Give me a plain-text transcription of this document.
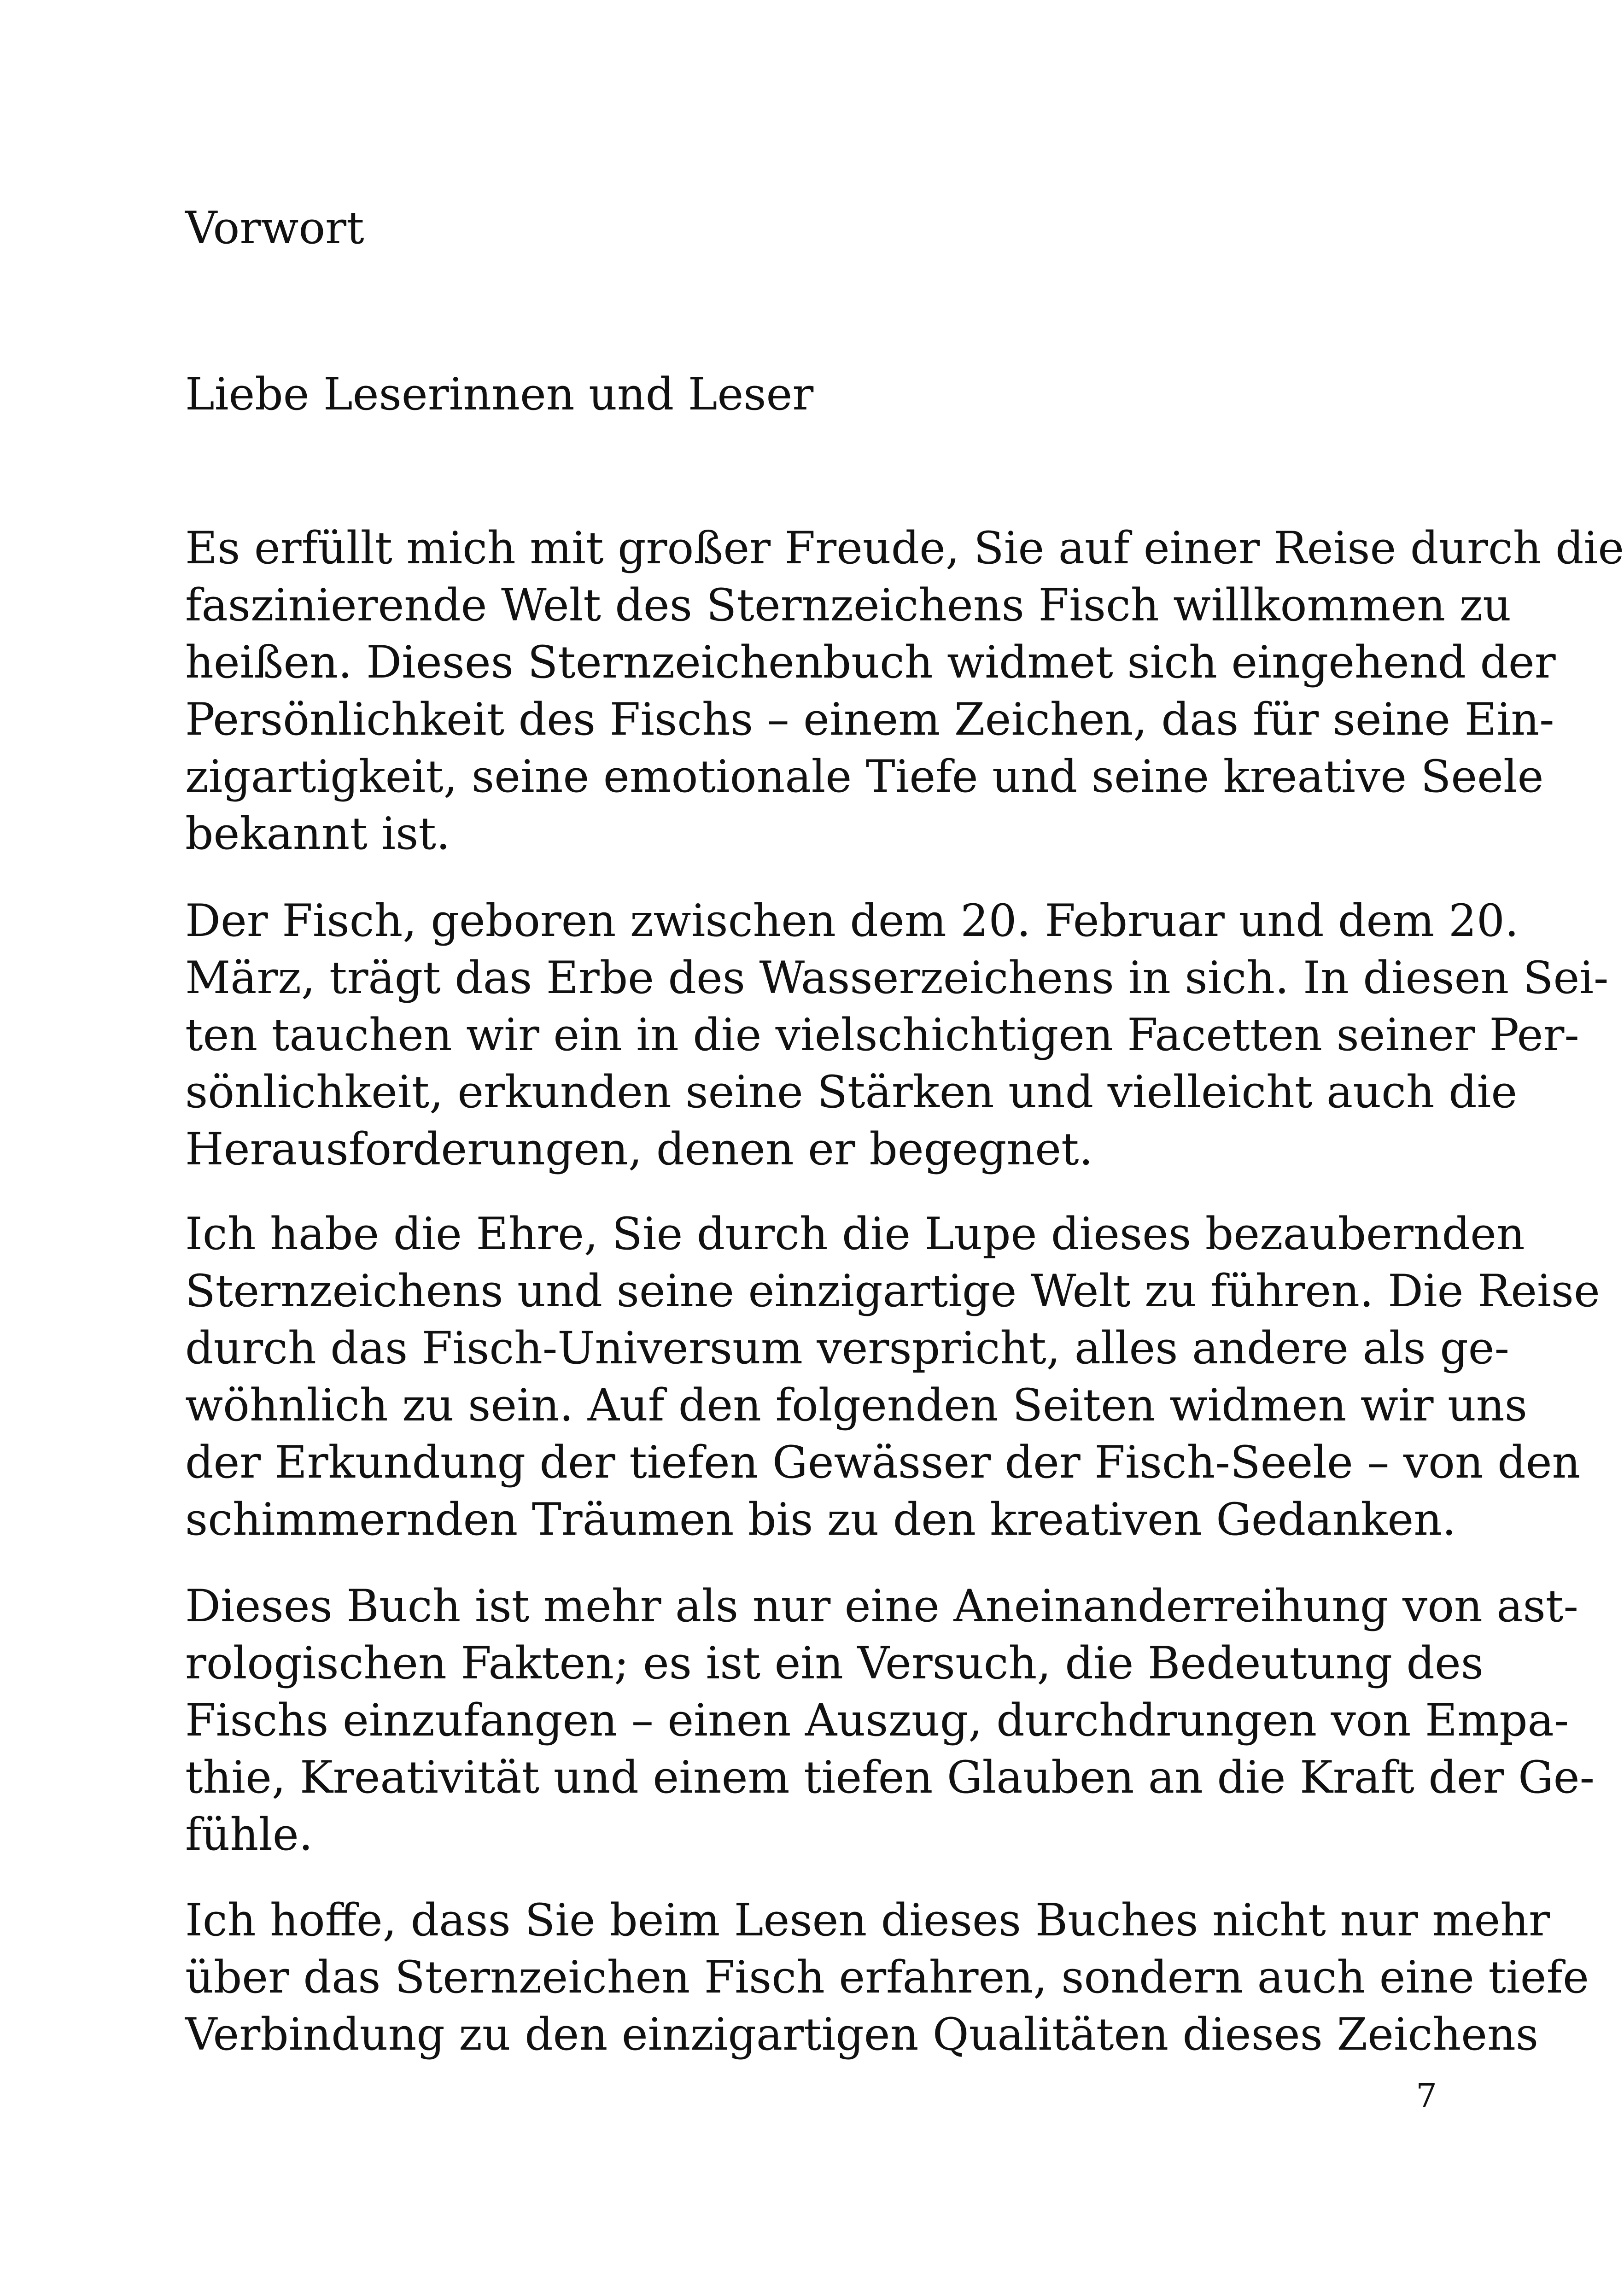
Vorwort

Liebe Leserinnen und Leser

Es erfüllt mich mit großer Freude, Sie auf einer Reise durch die
faszinierende Welt des Sternzeichens Fisch willkommen zu
heißen. Dieses Sternzeichenbuch widmet sich eingehend der
Persönlichkeit des Fischs – einem Zeichen, das für seine Ein-
zigartigkeit, seine emotionale Tiefe und seine kreative Seele
bekannt ist.

Der Fisch, geboren zwischen dem 20. Februar und dem 20.
März, trägt das Erbe des Wasserzeichens in sich. In diesen Sei-
ten tauchen wir ein in die vielschichtigen Facetten seiner Per-
sönlichkeit, erkunden seine Stärken und vielleicht auch die
Herausforderungen, denen er begegnet.

Ich habe die Ehre, Sie durch die Lupe dieses bezaubernden
Sternzeichens und seine einzigartige Welt zu führen. Die Reise
durch das Fisch-Universum verspricht, alles andere als ge-
wöhnlich zu sein. Auf den folgenden Seiten widmen wir uns
der Erkundung der tiefen Gewässer der Fisch-Seele – von den
schimmernden Träumen bis zu den kreativen Gedanken.

Dieses Buch ist mehr als nur eine Aneinanderreihung von ast-
rologischen Fakten; es ist ein Versuch, die Bedeutung des
Fischs einzufangen – einen Auszug, durchdrungen von Empa-
thie, Kreativität und einem tiefen Glauben an die Kraft der Ge-
fühle.

Ich hoffe, dass Sie beim Lesen dieses Buches nicht nur mehr
über das Sternzeichen Fisch erfahren, sondern auch eine tiefe
Verbindung zu den einzigartigen Qualitäten dieses Zeichens

7
